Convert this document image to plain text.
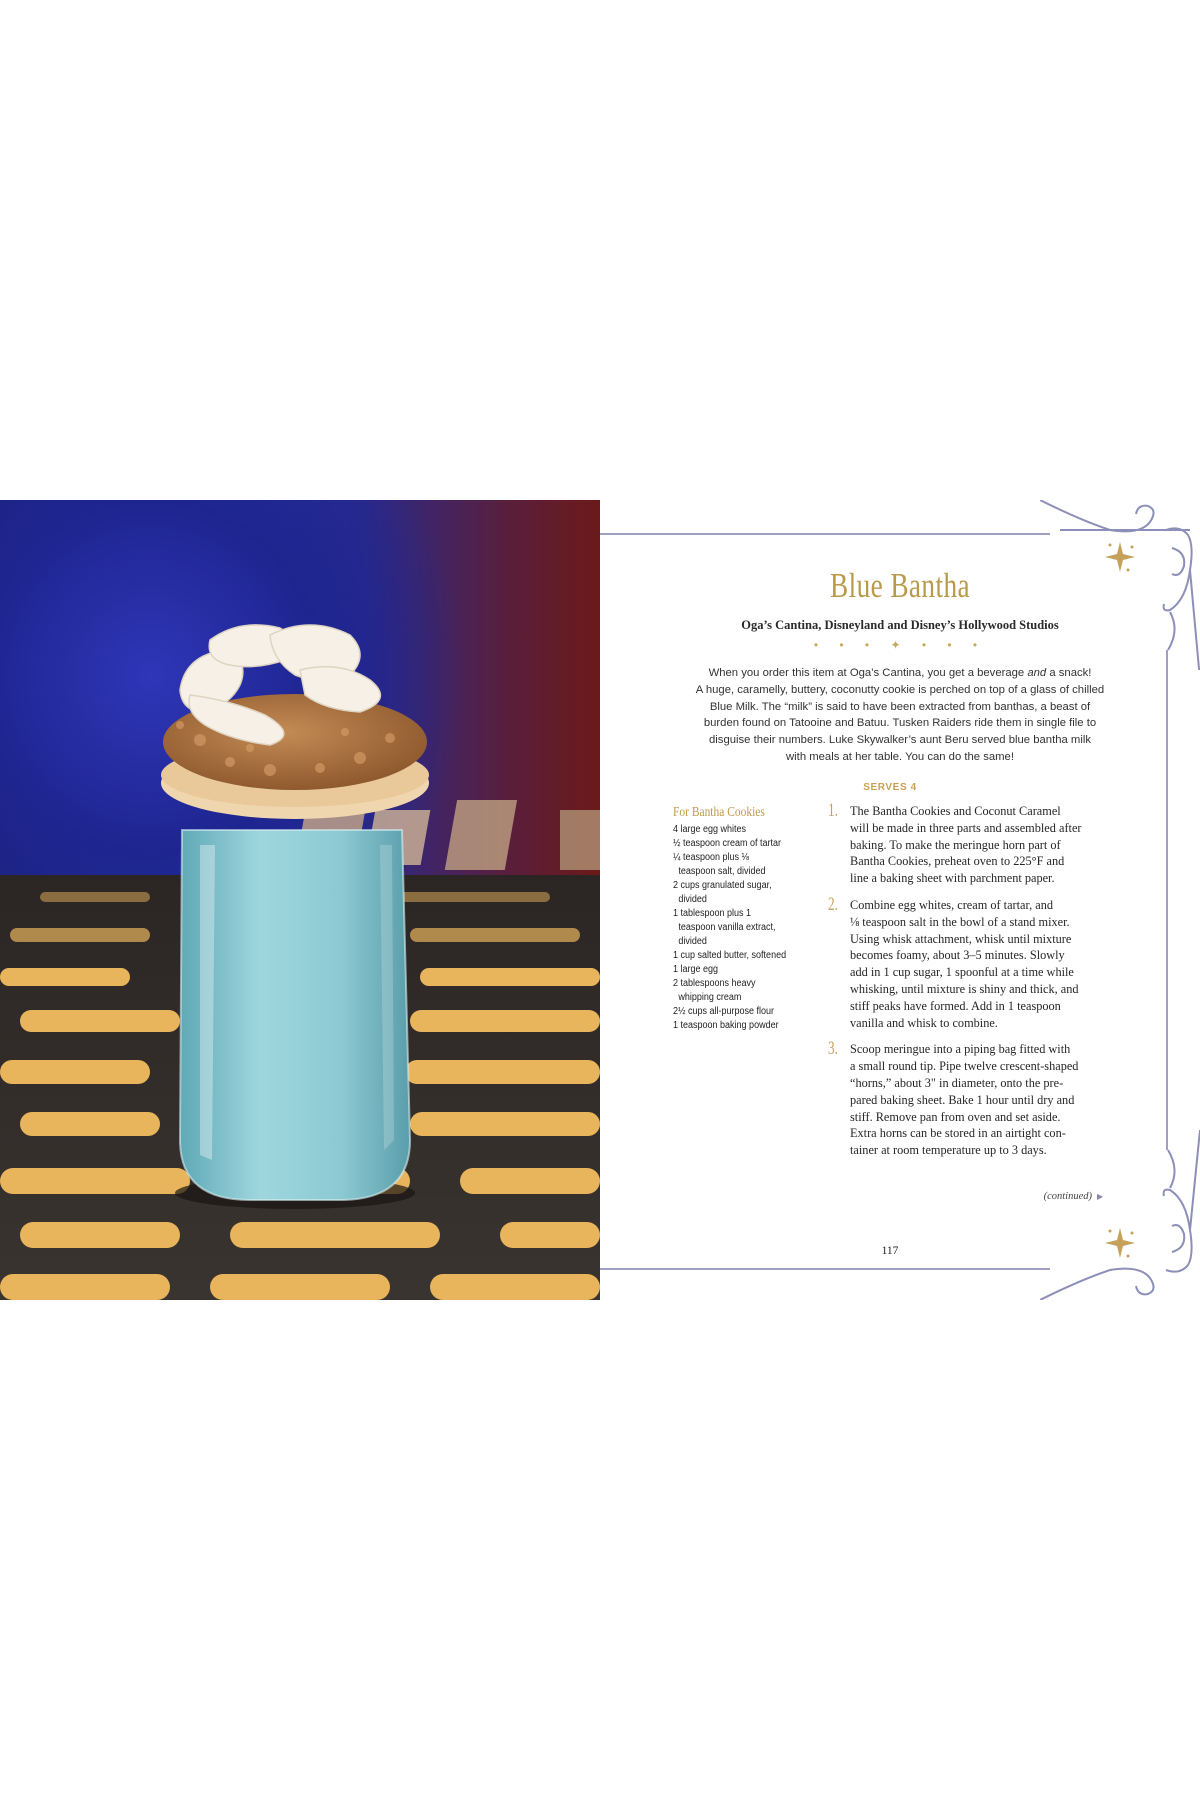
Blue Bantha
Oga’s Cantina, Disneyland and Disney’s Hollywood Studios
• • • ✦ • • •
When you order this item at Oga’s Cantina, you get a beverage and a snack!
A huge, caramelly, buttery, coconutty cookie is perched on top of a glass of chilled
Blue Milk. The “milk” is said to have been extracted from banthas, a beast of
burden found on Tatooine and Batuu. Tusken Raiders ride them in single file to
disguise their numbers. Luke Skywalker’s aunt Beru served blue bantha milk
with meals at her table. You can do the same!
SERVES 4
For Bantha Cookies
4 large egg whites
½ teaspoon cream of tartar
¼ teaspoon plus ⅛
teaspoon salt, divided
2 cups granulated sugar,
divided
1 tablespoon plus 1
teaspoon vanilla extract,
divided
1 cup salted butter, softened
1 large egg
2 tablespoons heavy
whipping cream
2½ cups all-purpose flour
1 teaspoon baking powder
1. The Bantha Cookies and Coconut Caramel
will be made in three parts and assembled after
baking. To make the meringue horn part of
Bantha Cookies, preheat oven to 225°F and
line a baking sheet with parchment paper.
2. Combine egg whites, cream of tartar, and
⅛ teaspoon salt in the bowl of a stand mixer.
Using whisk attachment, whisk until mixture
becomes foamy, about 3–5 minutes. Slowly
add in 1 cup sugar, 1 spoonful at a time while
whisking, until mixture is shiny and thick, and
stiff peaks have formed. Add in 1 teaspoon
vanilla and whisk to combine.
3. Scoop meringue into a piping bag fitted with
a small round tip. Pipe twelve crescent-shaped
“horns,” about 3" in diameter, onto the pre-
pared baking sheet. Bake 1 hour until dry and
stiff. Remove pan from oven and set aside.
Extra horns can be stored in an airtight con-
tainer at room temperature up to 3 days.
(continued) ▶
117
